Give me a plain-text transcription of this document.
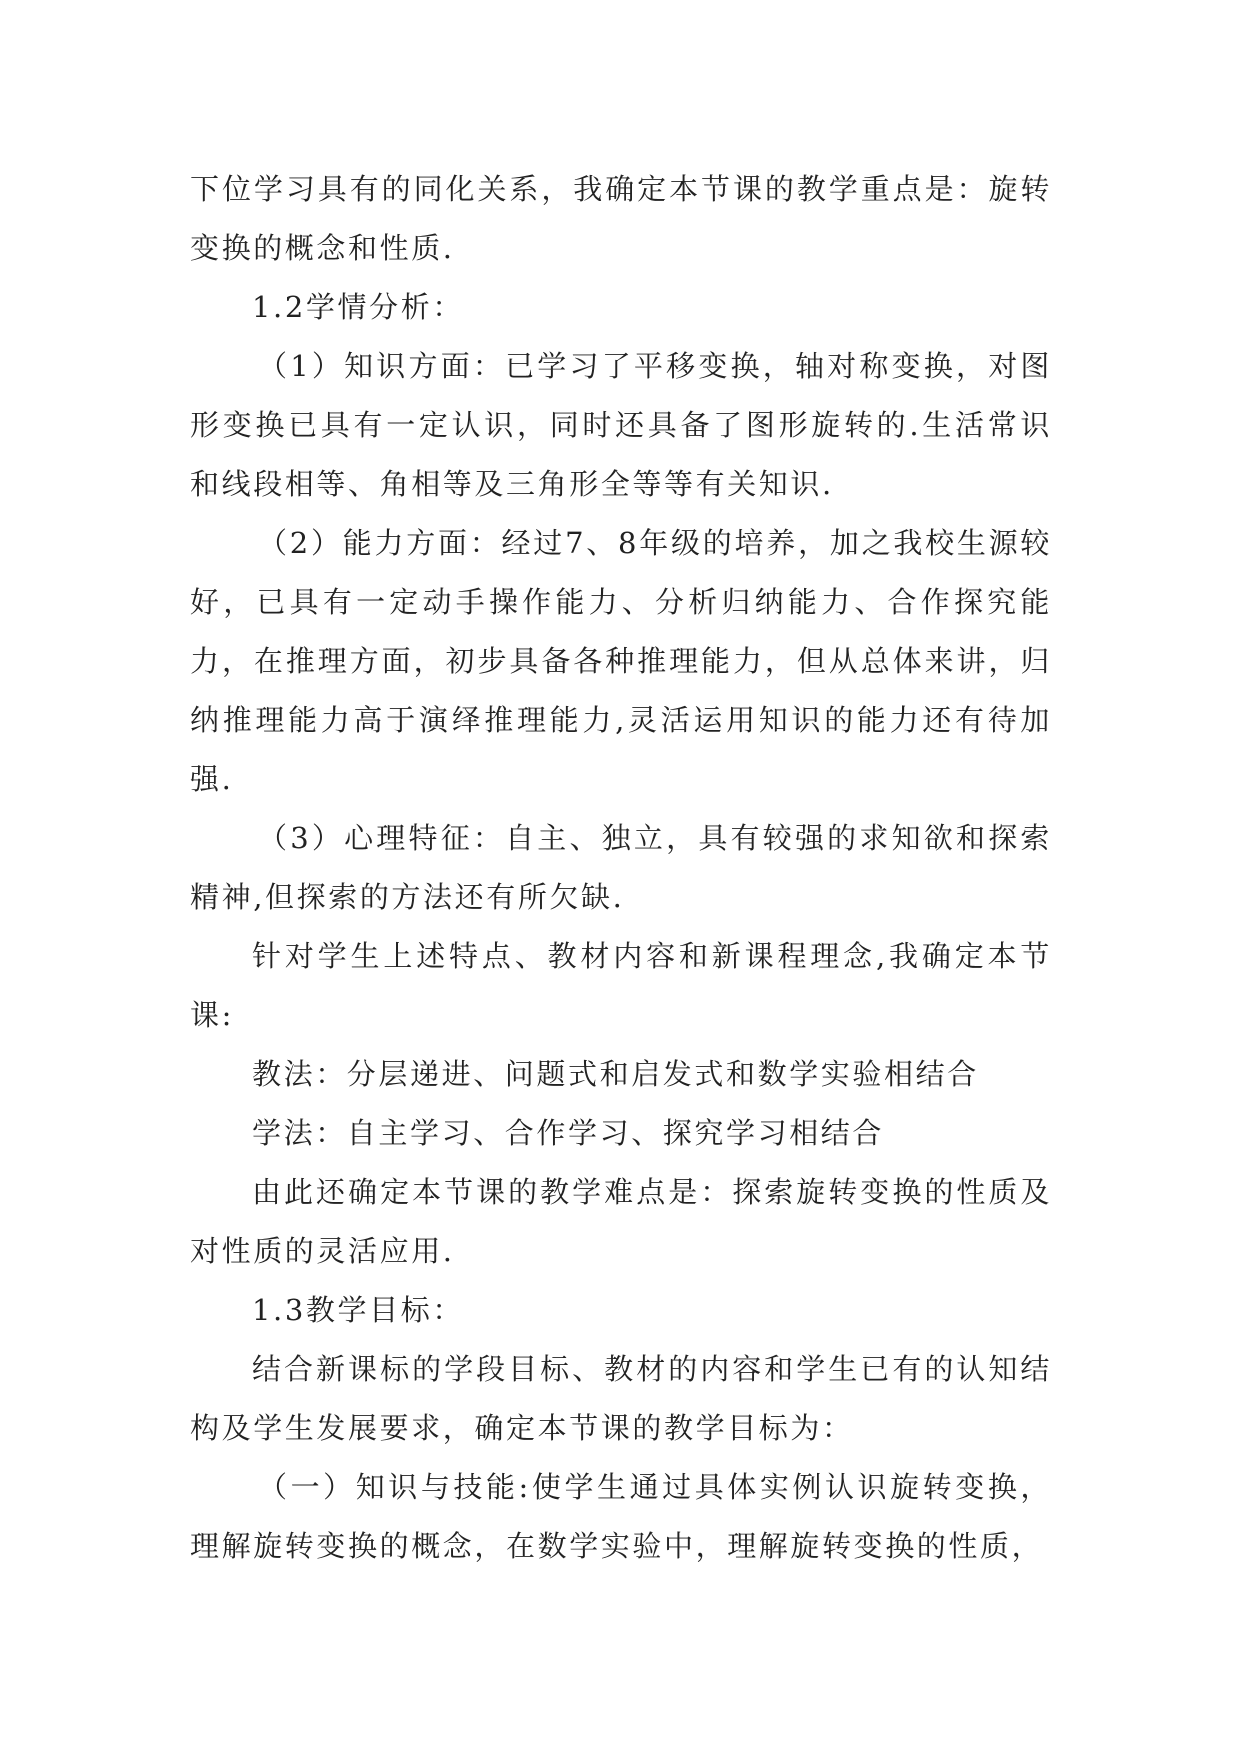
下位学习具有的同化关系，我确定本节课的教学重点是：旋转变换的概念和性质.

1.2学情分析：

（1）知识方面：已学习了平移变换，轴对称变换，对图形变换已具有一定认识，同时还具备了图形旋转的.生活常识和线段相等、角相等及三角形全等等有关知识.

（2）能力方面：经过7、8年级的培养，加之我校生源较好，已具有一定动手操作能力、分析归纳能力、合作探究能力，在推理方面，初步具备各种推理能力，但从总体来讲，归纳推理能力高于演绎推理能力,灵活运用知识的能力还有待加强.

（3）心理特征：自主、独立，具有较强的求知欲和探索精神,但探索的方法还有所欠缺.

针对学生上述特点、教材内容和新课程理念,我确定本节课:

教法：分层递进、问题式和启发式和数学实验相结合

学法：自主学习、合作学习、探究学习相结合

由此还确定本节课的教学难点是：探索旋转变换的性质及对性质的灵活应用.

1.3教学目标：

结合新课标的学段目标、教材的内容和学生已有的认知结构及学生发展要求，确定本节课的教学目标为：

（一）知识与技能:使学生通过具体实例认识旋转变换，理解旋转变换的概念，在数学实验中，理解旋转变换的性质，
